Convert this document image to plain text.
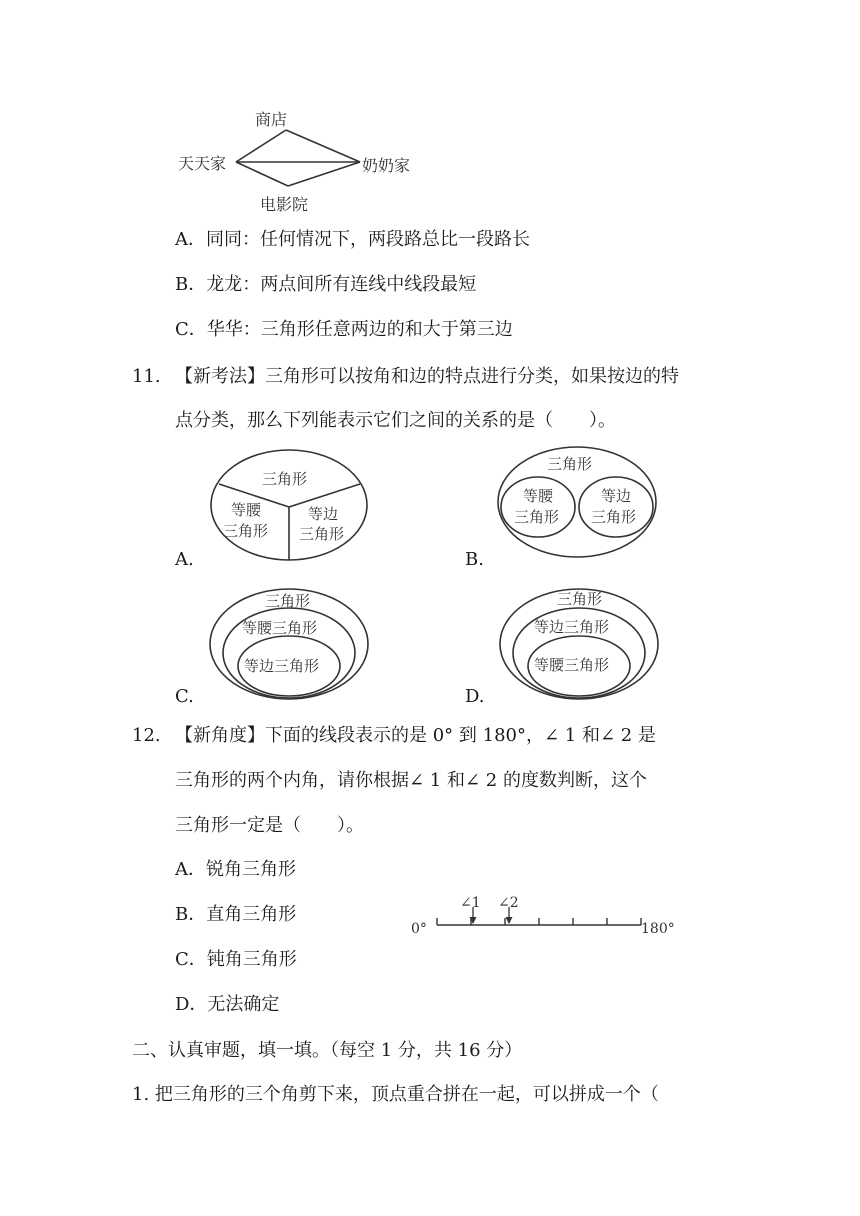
商店
天天家	奶奶家
电影院
A．同同：任何情况下，两段路总比一段路长
B．龙龙：两点间所有连线中线段最短
C．华华：三角形任意两边的和大于第三边
11. 【新考法】三角形可以按角和边的特点进行分类，如果按边的特
点分类，那么下列能表示它们之间的关系的是（　　）。
三角形
等腰
三角形
等边
三角形
A.
三角形
等腰
三角形
等边
三角形
B.
三角形
等腰三角形
等边三角形
C.
三角形
等边三角形
等腰三角形
D.
12. 【新角度】下面的线段表示的是 0° 到 180°，∠ 1 和∠ 2 是
三角形的两个内角，请你根据∠ 1 和∠ 2 的度数判断，这个
三角形一定是（　　）。
A．锐角三角形
B．直角三角形
C．钝角三角形
D．无法确定
∠1 ∠2
0°	180°
二、认真审题，填一填。（每空 1 分，共 16 分）
1. 把三角形的三个角剪下来，顶点重合拼在一起，可以拼成一个（
